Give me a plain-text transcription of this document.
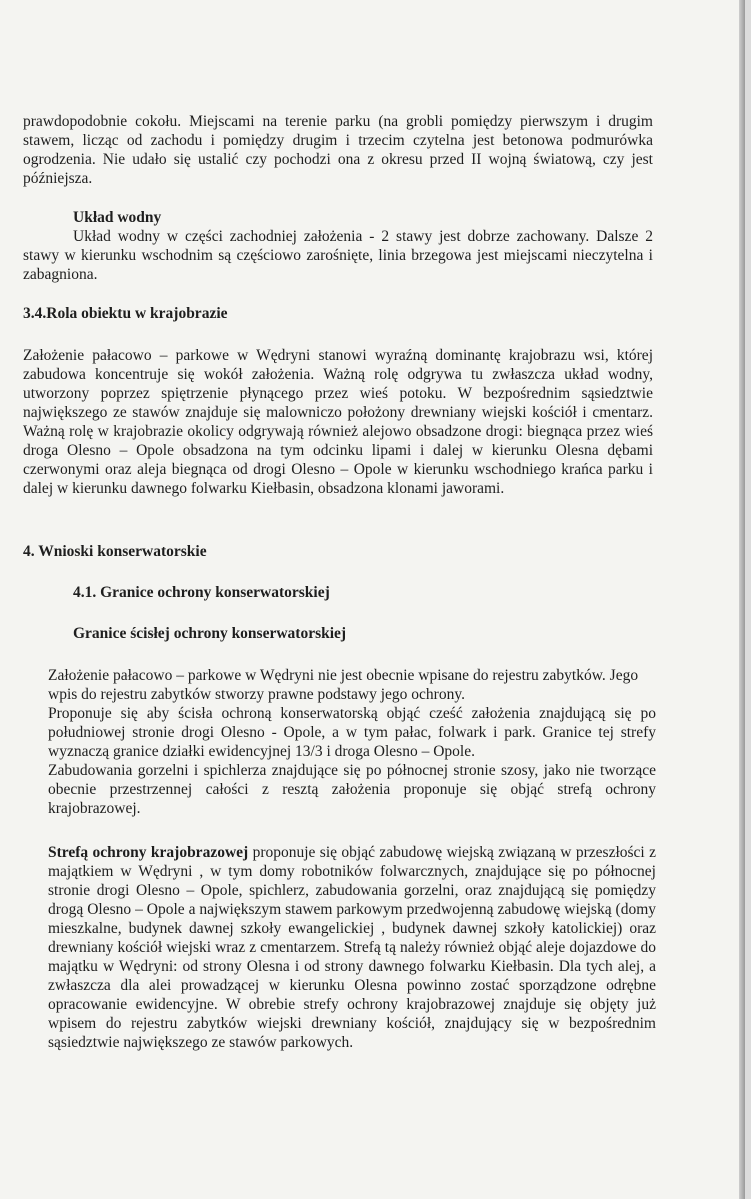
prawdopodobnie cokołu. Miejscami na terenie parku (na grobli pomiędzy pierwszym i drugim stawem, licząc od zachodu i pomiędzy drugim i trzecim czytelna jest betonowa podmurówka ogrodzenia. Nie udało się ustalić czy pochodzi ona z okresu przed II wojną światową, czy jest późniejsza.

Układ wodny

Układ wodny w części zachodniej założenia - 2 stawy jest dobrze zachowany. Dalsze 2 stawy w kierunku wschodnim są częściowo zarośnięte, linia brzegowa jest miejscami nieczytelna i zabagniona.

3.4.Rola obiektu w krajobrazie

Założenie pałacowo – parkowe w Wędryni stanowi wyraźną dominantę krajobrazu wsi, której zabudowa koncentruje się wokół założenia. Ważną rolę odgrywa tu zwłaszcza układ wodny, utworzony poprzez spiętrzenie płynącego przez wieś potoku. W bezpośrednim sąsiedztwie największego ze stawów znajduje się malowniczo położony drewniany wiejski kościół i cmentarz. Ważną rolę w krajobrazie okolicy odgrywają również alejowo obsadzone drogi: biegnąca przez wieś droga Olesno – Opole obsadzona na tym odcinku lipami i dalej w kierunku Olesna dębami czerwonymi oraz aleja biegnąca od drogi Olesno – Opole w kierunku wschodniego krańca parku i dalej w kierunku dawnego folwarku Kiełbasin, obsadzona klonami jaworami.

4. Wnioski konserwatorskie

4.1. Granice ochrony konserwatorskiej

Granice ścisłej ochrony konserwatorskiej

Założenie pałacowo – parkowe w Wędryni nie jest obecnie wpisane do rejestru zabytków. Jego wpis do rejestru zabytków stworzy prawne podstawy jego ochrony.

Proponuje się aby ścisła ochroną konserwatorską objąć cześć założenia znajdującą się po południowej stronie drogi Olesno - Opole, a w tym pałac, folwark i park. Granice tej strefy wyznaczą granice działki ewidencyjnej 13/3 i droga Olesno – Opole.

Zabudowania gorzelni i spichlerza znajdujące się po północnej stronie szosy, jako nie tworzące obecnie przestrzennej całości z resztą założenia proponuje się objąć strefą ochrony krajobrazowej.

Strefą ochrony krajobrazowej proponuje się objąć zabudowę wiejską związaną w przeszłości z majątkiem w Wędryni , w tym domy robotników folwarcznych, znajdujące się po północnej stronie drogi Olesno – Opole, spichlerz, zabudowania gorzelni, oraz znajdującą się pomiędzy drogą Olesno – Opole a największym stawem parkowym przedwojenną zabudowę wiejską (domy mieszkalne, budynek dawnej szkoły ewangelickiej , budynek dawnej szkoły katolickiej) oraz drewniany kościół wiejski wraz z cmentarzem. Strefą tą należy również objąć aleje dojazdowe do majątku w Wędryni: od strony Olesna i od strony dawnego folwarku Kiełbasin. Dla tych alej, a zwłaszcza dla alei prowadzącej w kierunku Olesna powinno zostać sporządzone odrębne opracowanie ewidencyjne. W obrebie strefy ochrony krajobrazowej znajduje się objęty już wpisem do rejestru zabytków wiejski drewniany kościół, znajdujący się w bezpośrednim sąsiedztwie największego ze stawów parkowych.
